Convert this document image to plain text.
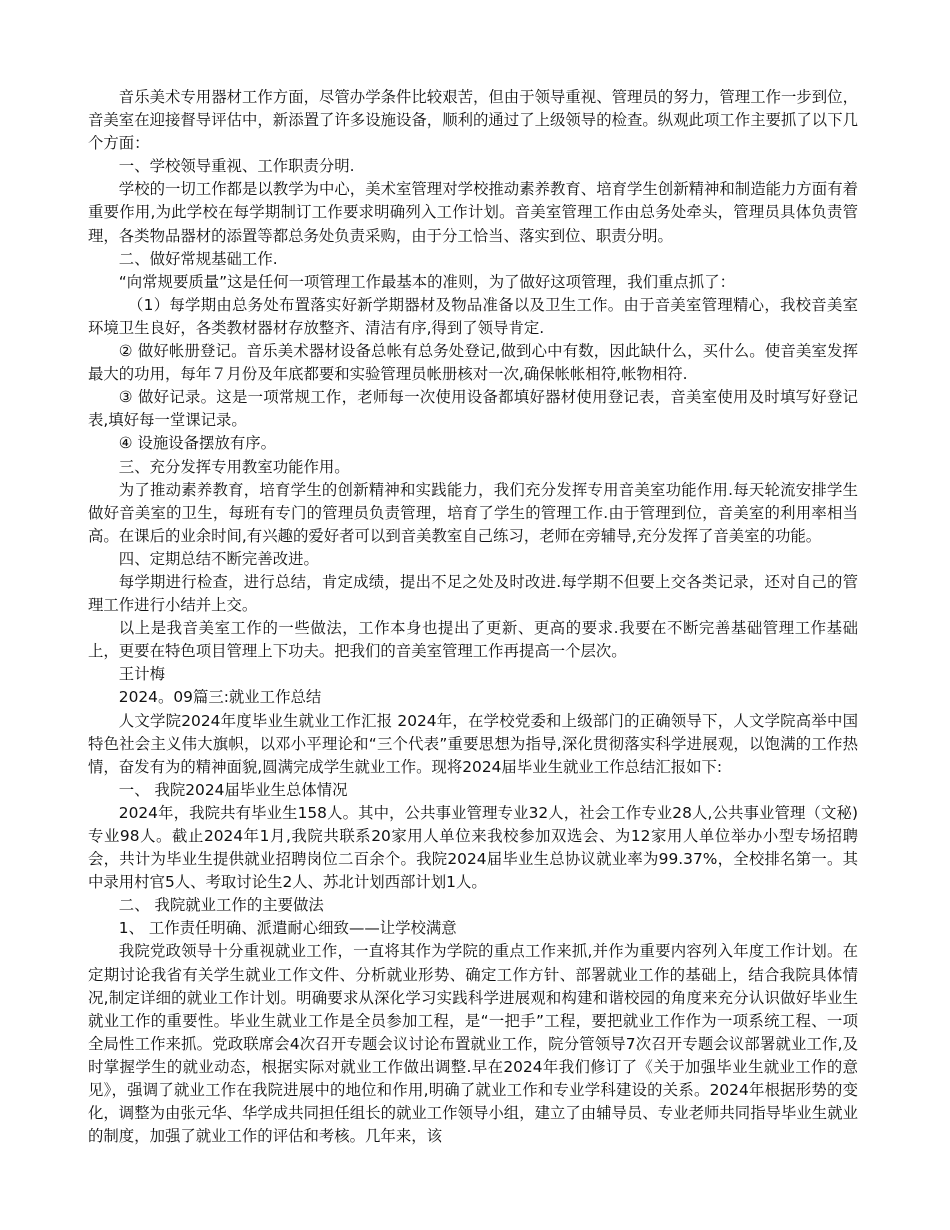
音乐美术专用器材工作方面，尽管办学条件比较艰苦，但由于领导重视、管理员的努力，管理工作一步到位，音美室在迎接督导评估中，新添置了许多设施设备，顺利的通过了上级领导的检查。纵观此项工作主要抓了以下几个方面：

一、学校领导重视、工作职责分明.

学校的一切工作都是以教学为中心，美术室管理对学校推动素养教育、培育学生创新精神和制造能力方面有着重要作用,为此学校在每学期制订工作要求明确列入工作计划。音美室管理工作由总务处牵头，管理员具体负责管理，各类物品器材的添置等都总务处负责采购，由于分工恰当、落实到位、职责分明。

二、做好常规基础工作.

“向常规要质量”这是任何一项管理工作最基本的准则，为了做好这项管理，我们重点抓了：

（1）每学期由总务处布置落实好新学期器材及物品准备以及卫生工作。由于音美室管理精心，我校音美室环境卫生良好，各类教材器材存放整齐、清洁有序,得到了领导肯定.

② 做好帐册登记。音乐美术器材设备总帐有总务处登记,做到心中有数，因此缺什么，买什么。使音美室发挥最大的功用，每年７月份及年底都要和实验管理员帐册核对一次,确保帐帐相符,帐物相符.

③ 做好记录。这是一项常规工作，老师每一次使用设备都填好器材使用登记表，音美室使用及时填写好登记表,填好每一堂课记录。

④ 设施设备摆放有序。

三、充分发挥专用教室功能作用。

为了推动素养教育，培育学生的创新精神和实践能力，我们充分发挥专用音美室功能作用.每天轮流安排学生做好音美室的卫生，每班有专门的管理员负责管理，培育了学生的管理工作.由于管理到位，音美室的利用率相当高。在课后的业余时间,有兴趣的爱好者可以到音美教室自己练习，老师在旁辅导,充分发挥了音美室的功能。

四、定期总结不断完善改进。

每学期进行检查，进行总结，肯定成绩，提出不足之处及时改进.每学期不但要上交各类记录，还对自己的管理工作进行小结并上交。

以上是我音美室工作的一些做法，工作本身也提出了更新、更高的要求.我要在不断完善基础管理工作基础上，更要在特色项目管理上下功夫。把我们的音美室管理工作再提高一个层次。

王计梅

2024。09篇三:就业工作总结

人文学院2024年度毕业生就业工作汇报 2024年，在学校党委和上级部门的正确领导下，人文学院高举中国特色社会主义伟大旗帜，以邓小平理论和“三个代表”重要思想为指导,深化贯彻落实科学进展观，以饱满的工作热情，奋发有为的精神面貌,圆满完成学生就业工作。现将2024届毕业生就业工作总结汇报如下:

一、 我院2024届毕业生总体情况

2024年，我院共有毕业生158人。其中，公共事业管理专业32人，社会工作专业28人,公共事业管理（文秘)专业98人。截止2024年1月,我院共联系20家用人单位来我校参加双选会、为12家用人单位举办小型专场招聘会，共计为毕业生提供就业招聘岗位二百余个。我院2024届毕业生总协议就业率为99.37%，全校排名第一。其中录用村官5人、考取讨论生2人、苏北计划西部计划1人。

二、 我院就业工作的主要做法

1、 工作责任明确、派遣耐心细致——让学校满意

我院党政领导十分重视就业工作，一直将其作为学院的重点工作来抓,并作为重要内容列入年度工作计划。在定期讨论我省有关学生就业工作文件、分析就业形势、确定工作方针、部署就业工作的基础上，结合我院具体情况,制定详细的就业工作计划。明确要求从深化学习实践科学进展观和构建和谐校园的角度来充分认识做好毕业生就业工作的重要性。毕业生就业工作是全员参加工程，是“一把手”工程，要把就业工作作为一项系统工程、一项全局性工作来抓。党政联席会4次召开专题会议讨论布置就业工作，院分管领导7次召开专题会议部署就业工作,及时掌握学生的就业动态，根据实际对就业工作做出调整.早在2024年我们修订了《关于加强毕业生就业工作的意见》，强调了就业工作在我院进展中的地位和作用,明确了就业工作和专业学科建设的关系。2024年根据形势的变化，调整为由张元华、华学成共同担任组长的就业工作领导小组，建立了由辅导员、专业老师共同指导毕业生就业的制度，加强了就业工作的评估和考核。几年来，该
